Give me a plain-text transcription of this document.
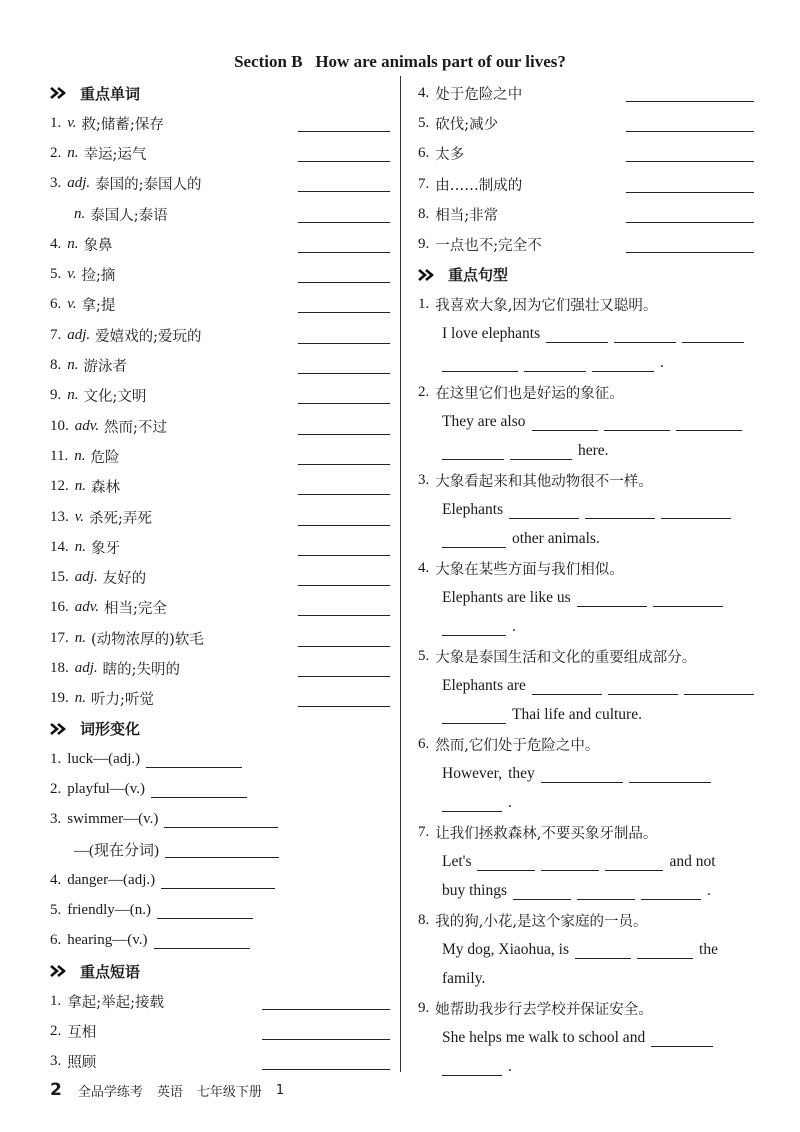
Section B   How are animals part of our lives?
重点单词
1. v. 救;储蓄;保存
2. n. 幸运;运气
3. adj. 泰国的;泰国人的
n. 泰国人;泰语
4. n. 象鼻
5. v. 捡;摘
6. v. 拿;提
7. adj. 爱嬉戏的;爱玩的
8. n. 游泳者
9. n. 文化;文明
10. adv. 然而;不过
11. n. 危险
12. n. 森林
13. v. 杀死;弄死
14. n. 象牙
15. adj. 友好的
16. adv. 相当;完全
17. n. (动物浓厚的)软毛
18. adj. 瞎的;失明的
19. n. 听力;听觉
词形变化
1. luck—(adj.)
2. playful—(v.)
3. swimmer—(v.)
—(现在分词)
4. danger—(adj.)
5. friendly—(n.)
6. hearing—(v.)
重点短语
1. 拿起;举起;接载
2. 互相
3. 照顾
4. 处于危险之中
5. 砍伐;减少
6. 太多
7. 由……制成的
8. 相当;非常
9. 一点也不;完全不
重点句型
1. 我喜欢大象,因为它们强壮又聪明。
I love elephants
.
2. 在这里它们也是好运的象征。
They are also
here.
3. 大象看起来和其他动物很不一样。
Elephants
other animals.
4. 大象在某些方面与我们相似。
Elephants are like us
.
5. 大象是泰国生活和文化的重要组成部分。
Elephants are
Thai life and culture.
6. 然而,它们处于危险之中。
However, they
.
7. 让我们拯救森林,不要买象牙制品。
Let's	and not
buy things	.
8. 我的狗,小花,是这个家庭的一员。
My dog, Xiaohua, is	the
family.
9. 她帮助我步行去学校并保证安全。
She helps me walk to school and
.
2 全品学练考 英语 七年级下册 1
